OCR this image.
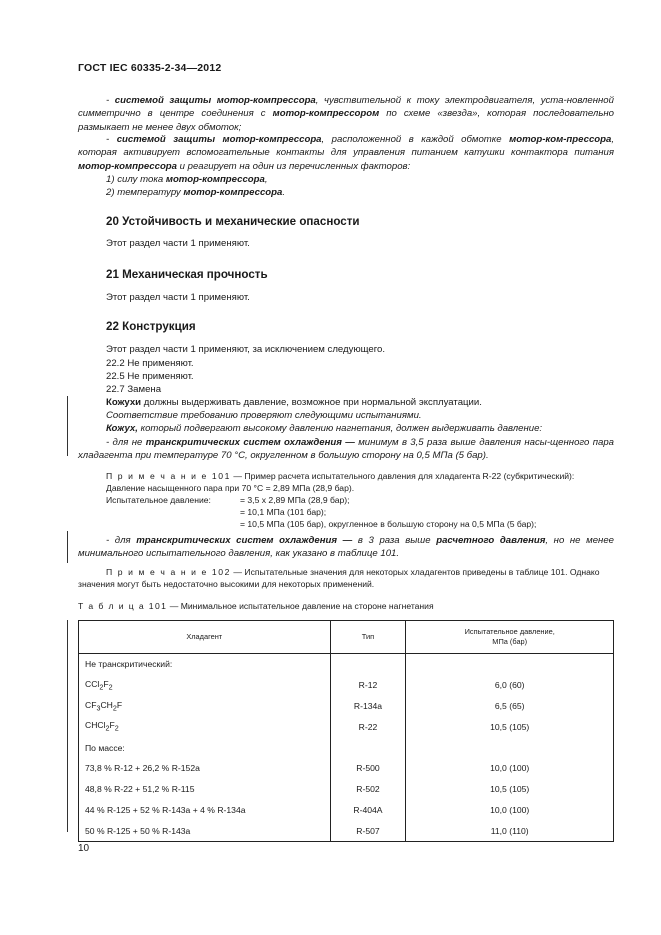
ГОСТ IEC 60335-2-34—2012
- системой защиты мотор-компрессора, чувствительной к току электродвигателя, уста-новленной симметрично в центре соединения с мотор-компрессором по схеме «звезда», которая последовательно размыкает не менее двух обмоток;
- системой защиты мотор-компрессора, расположенной в каждой обмотке мотор-ком-прессора, которая активирует вспомогательные контакты для управления питанием катушки контактора питания мотор-компрессора и реагирует на один из перечисленных факторов:
1) силу тока мотор-компрессора,
2) температуру мотор-компрессора.
20 Устойчивость и механические опасности
Этот раздел части 1 применяют.
21 Механическая прочность
Этот раздел части 1 применяют.
22 Конструкция
Этот раздел части 1 применяют, за исключением следующего.
22.2 Не применяют.
22.5 Не применяют.
22.7 Замена
Кожухи должны выдерживать давление, возможное при нормальной эксплуатации.
Соответствие требованию проверяют следующими испытаниями.
Кожух, который подвергают высокому давлению нагнетания, должен выдерживать давление:
- для не транскритических систем охлаждения — минимум в 3,5 раза выше давления насы-щенного пара хладагента при температуре 70 °С, округленном в большую сторону на 0,5 МПа (5 бар).
П р и м е ч а н и е 101 — Пример расчета испытательного давления для хладагента R-22 (субкритический):
Давление насыщенного пара при 70 °С = 2,89 МПа (28,9 бар).
Испытательное давление:	= 3,5 x 2,89 МПа (28,9 бар);
= 10,1 МПа (101 бар);
= 10,5 МПа (105 бар), округленное в большую сторону на 0,5 МПа (5 бар);
- для транскритических систем охлаждения — в 3 раза выше расчетного давления, но не менее минимального испытательного давления, как указано в таблице 101.
П р и м е ч а н и е 102 — Испытательные значения для некоторых хладагентов приведены в таблице 101. Однако значения могут быть недостаточно высокими для некоторых применений.
Т а б л и ц а 101 — Минимальное испытательное давление на стороне нагнетания
Хладагент	Тип	Испытательное давление,
МПа (бар)
Не транскритический:		
$CCl_2F_2$	R-12	6,0 (60)
$CF_3CH_2F$	R-134a	6,5 (65)
$CHCl_2F_2$	R-22	10,5 (105)
По массе:		
73,8 % R-12 + 26,2 % R-152a	R-500	10,0 (100)
48,8 % R-22 + 51,2 % R-115	R-502	10,5 (105)
44 % R-125 + 52 % R-143a + 4 % R-134a	R-404A	10,0 (100)
50 % R-125 + 50 % R-143a	R-507	11,0 (110)
10
